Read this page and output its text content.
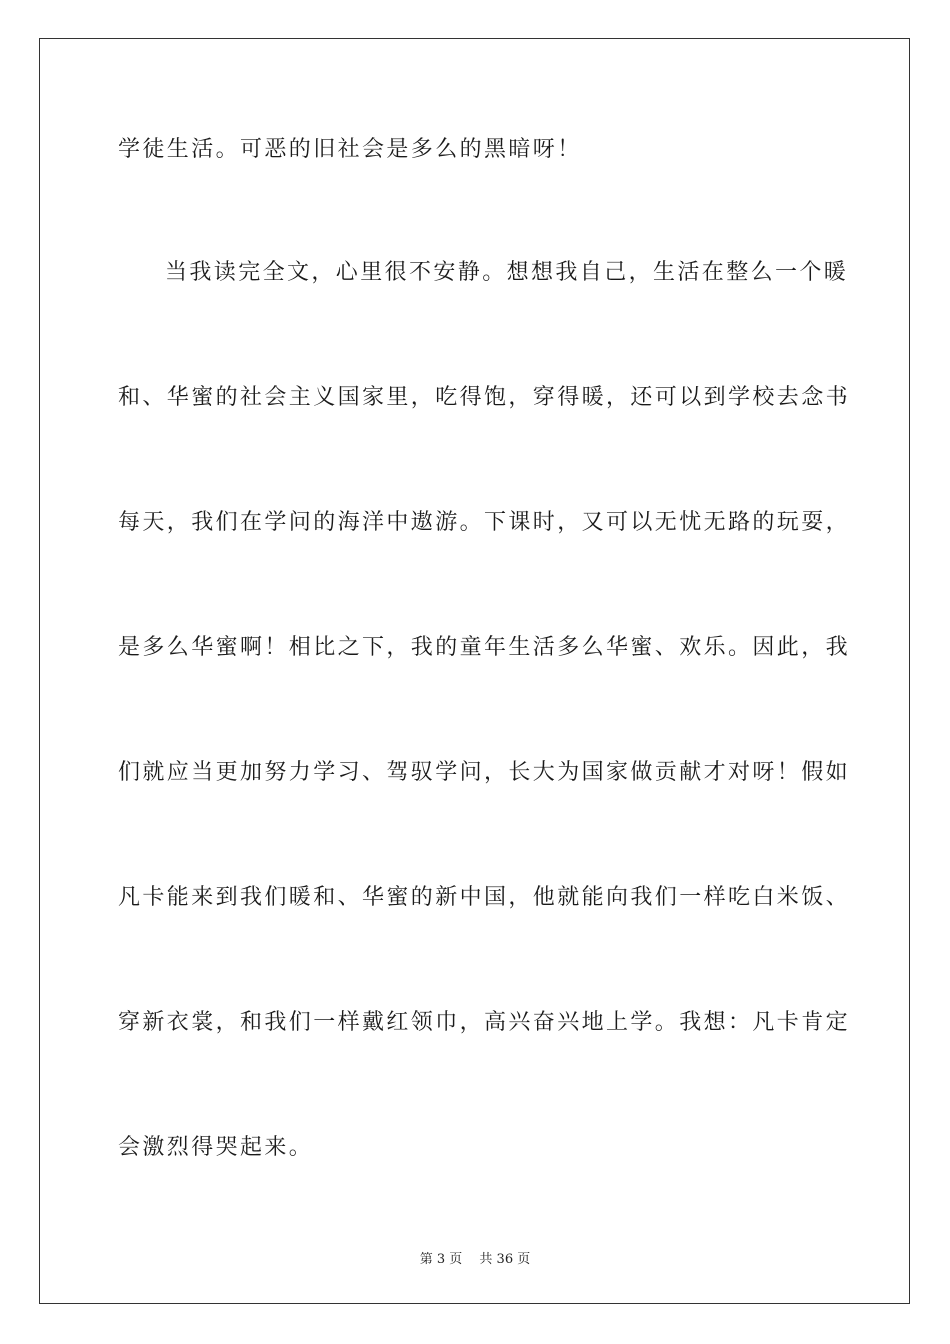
学徒生活。可恶的旧社会是多么的黑暗呀！
当我读完全文，心里很不安静。想想我自己，生活在整么一个暖
和、华蜜的社会主义国家里，吃得饱，穿得暖，还可以到学校去念书
每天，我们在学问的海洋中遨游。下课时，又可以无忧无路的玩耍，
是多么华蜜啊！相比之下，我的童年生活多么华蜜、欢乐。因此，我
们就应当更加努力学习、驾驭学问，长大为国家做贡献才对呀！假如
凡卡能来到我们暖和、华蜜的新中国，他就能向我们一样吃白米饭、
穿新衣裳，和我们一样戴红领巾，高兴奋兴地上学。我想：凡卡肯定
会激烈得哭起来。
第 3 页　 共 36 页
